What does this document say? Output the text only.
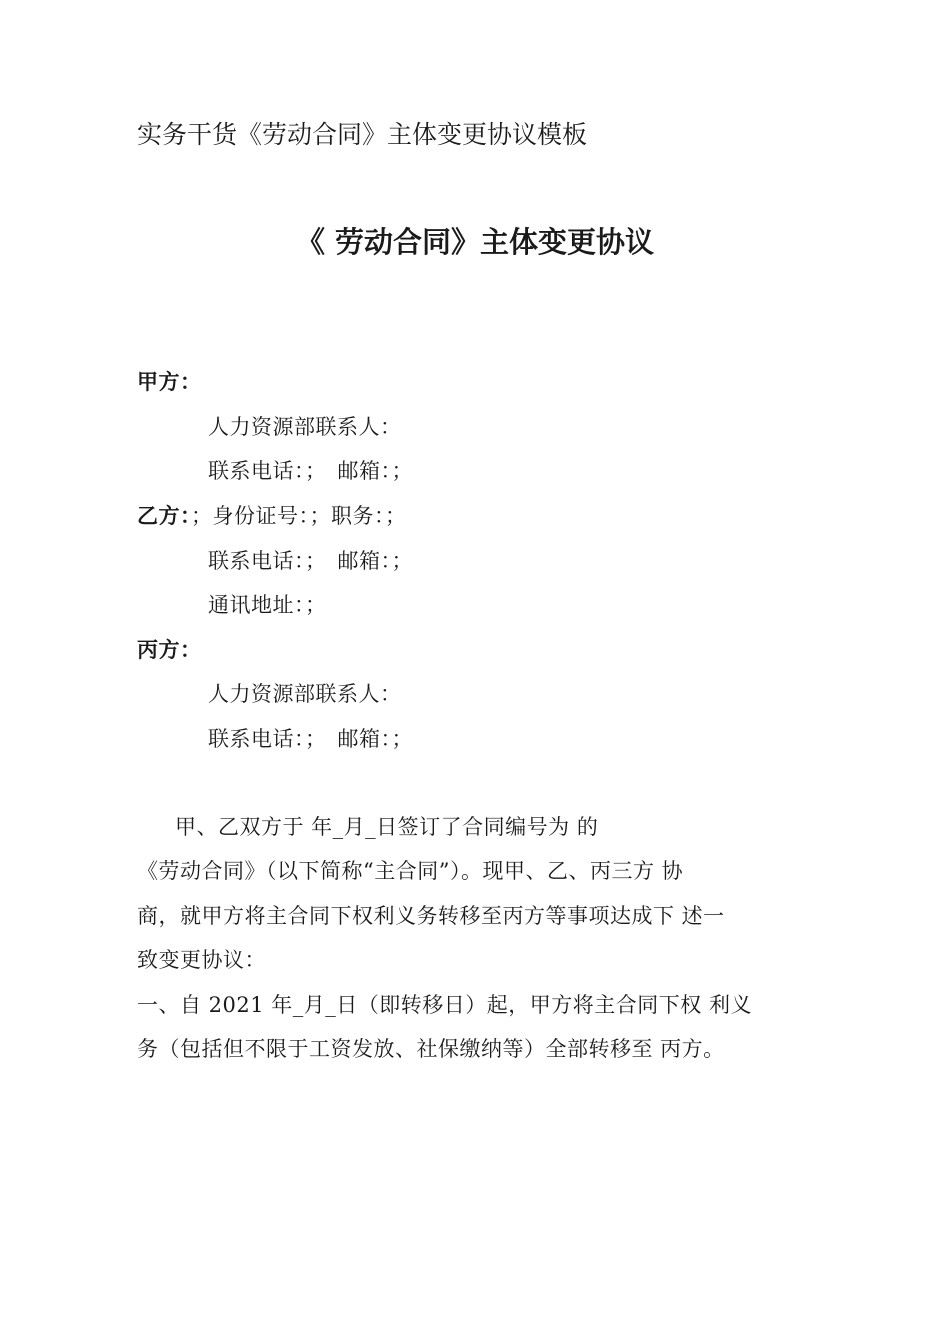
实务干货《劳动合同》主体变更协议模板
《 劳动合同》主体变更协议
甲方：
人力资源部联系人：
联系电话：；　邮箱：；
乙方：；身份证号：；职务：；
联系电话：；　邮箱：；
通讯地址：；
丙方：
人力资源部联系人：
联系电话：；　邮箱：；
甲、乙双方于 年_月_日签订了合同编号为 的
《劳动合同》（以下简称“主合同”）。现甲、乙、丙三方 协
商，就甲方将主合同下权利义务转移至丙方等事项达成下 述一
致变更协议：
一、自 2021 年_月_日（即转移日）起，甲方将主合同下权 利义
务（包括但不限于工资发放、社保缴纳等）全部转移至 丙方。
